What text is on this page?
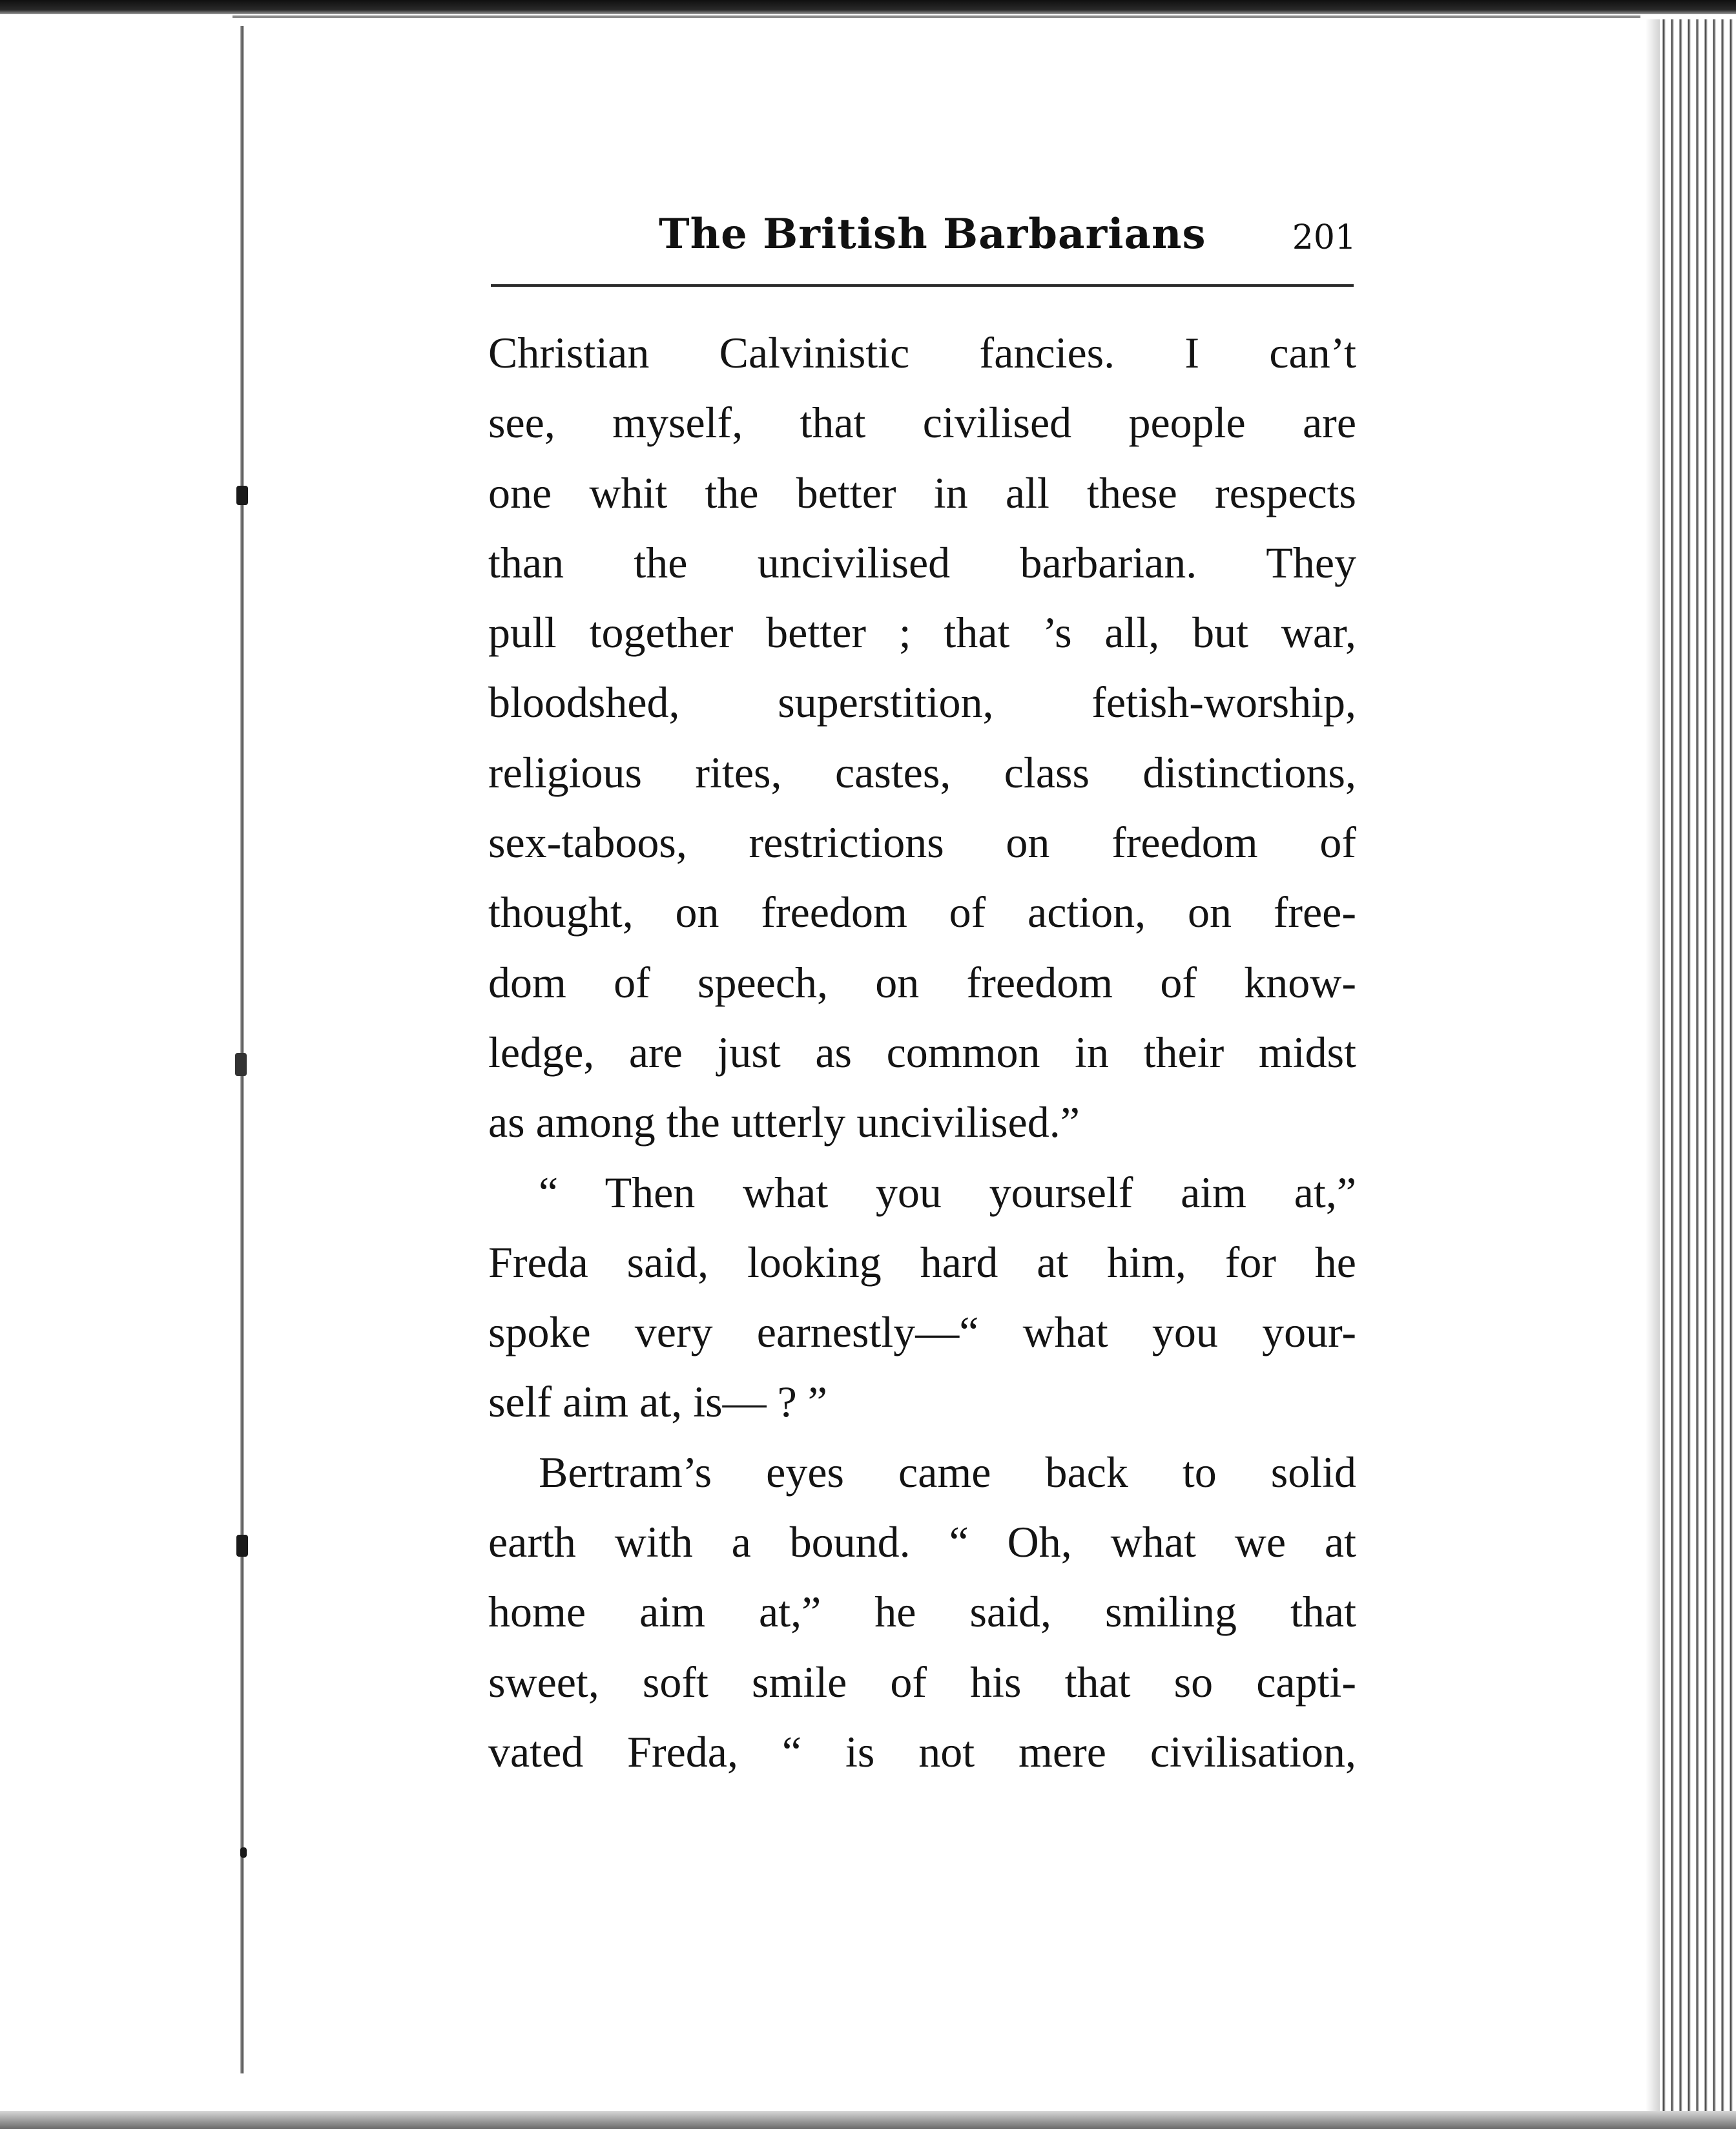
The British Barbarians	201
Christian Calvinistic fancies. I can’t
see, myself, that civilised people are
one whit the better in all these respects
than the uncivilised barbarian. They
pull together better ; that ’s all, but war,
bloodshed, superstition, fetish-worship,
religious rites, castes, class distinctions,
sex-taboos, restrictions on freedom of
thought, on freedom of action, on free-
dom of speech, on freedom of know-
ledge, are just as common in their midst
as among the utterly uncivilised.”
“ Then what you yourself aim at,”
Freda said, looking hard at him, for he
spoke very earnestly—“ what you your-
self aim at, is— ? ”
Bertram’s eyes came back to solid
earth with a bound. “ Oh, what we at
home aim at,” he said, smiling that
sweet, soft smile of his that so capti-
vated Freda, “ is not mere civilisation,
